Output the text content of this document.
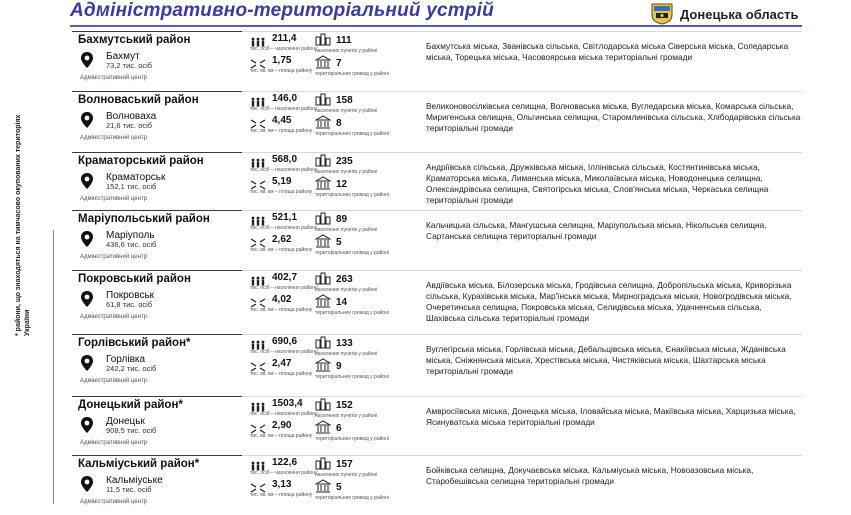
Адміністративно-територіальний устрій	Донецька область
* райони, що знаходяться на тимчасово окупованих територіях України
Бахмутський район
Бахмут
73,2 тис. осіб
Адміністративний центр
211,4
тис. осіб – населення району
1,75
тис. кв. км – площа району
111
населених пунктів у районі
7
територіальних громад у районі
Бахмутська міська, Званівська сільська, Світлодарська міська Сіверська міська, Соледарська міська, Торецька міська, Часовоярська міська територіальні громади
Волноваський район
Волноваха
21,6 тис. осіб
Адміністративний центр
146,0
тис. осіб – населення району
4,45
тис. кв. км – площа району
158
населених пунктів у районі
8
територіальних громад у районі
Великоновосілківська селищна, Волноваська міська, Вугледарська міська, Комарська сільська, Миригенська селищна, Ольгинська селищна, Старомлинівська сільська, Хлібодарівська сільська територіальні громади
Краматорський район
Краматорськ
152,1 тис. осіб
Адміністративний центр
568,0
тис. осіб – населення району
5,19
тис. кв. км – площа району
235
населених пунктів у районі
12
територіальних громад у районі
Андріївська сільська, Дружківська міська, Іллінівська сільська, Костянтинівська міська, Краматорська міська, Лиманська міська, Миколаївська міська, Новодонецька селищна, Олександрівська селищна, Святогірська міська, Слов'янська міська, Черкаська селищна територіальні громади
Маріупольський район
Маріуполь
436,6 тис. осіб
Адміністративний центр
521,1
тис. осіб – населення району
2,62
тис. кв. км – площа району
89
населених пунктів у районі
5
територіальних громад у районі
Кальчицька сільська, Мангушська селищна, Маріупольська міська, Нікольська селищна, Сартанська селищна територіальні громади
Покровський район
Покровськ
61,8 тис. осіб
Адміністративний центр
402,7
тис. осіб – населення району
4,02
тис. кв. км – площа району
263
населених пунктів у районі
14
територіальних громад у районі
Авдіївська міська, Білозерська міська, Гродівська селищна, Добропільська міська, Криворізька сільська, Курахівська міська, Мар'їнська міська, Мирноградська міська, Новогродівська міська, Очеретинська селищна, Покровська міська, Селидівська міська, Удачненська сільська, Шахівська сільська територіальні громади
Горлівський район*
Горлівка
242,2 тис. осіб
Адміністративний центр
690,6
тис. осіб – населення району
2,47
тис. кв. км – площа району
133
населених пунктів у районі
9
територіальних громад у районі
Вуглегірська міська, Горлівська міська, Дебальцівська міська, Єнакіївська міська, Жданівська міська, Сніжнянська міська, Хрестівська міська, Чистяківська міська, Шахтарська міська територіальні громади
Донецький район*
Донецьк
908,5 тис. осіб
Адміністративний центр
1503,4
тис. осіб – населення району
2,90
тис. кв. км – площа району
152
населених пунктів у районі
6
територіальних громад у районі
Амвросіївська міська, Донецька міська, Іловайська міська, Макіївська міська, Харцизька міська, Ясинуватська міська територіальні громади
Кальміуський район*
Кальміуське
11,5 тис. осіб
Адміністративний центр
122,6
тис. осіб – населення району
3,13
тис. кв. км – площа району
157
населених пунктів у районі
5
територіальних громад у районі
Бойківська селищна, Докучаєвська міська, Кальміуська міська, Новоазовська міська, Старобешівська селищна територіальні громади
